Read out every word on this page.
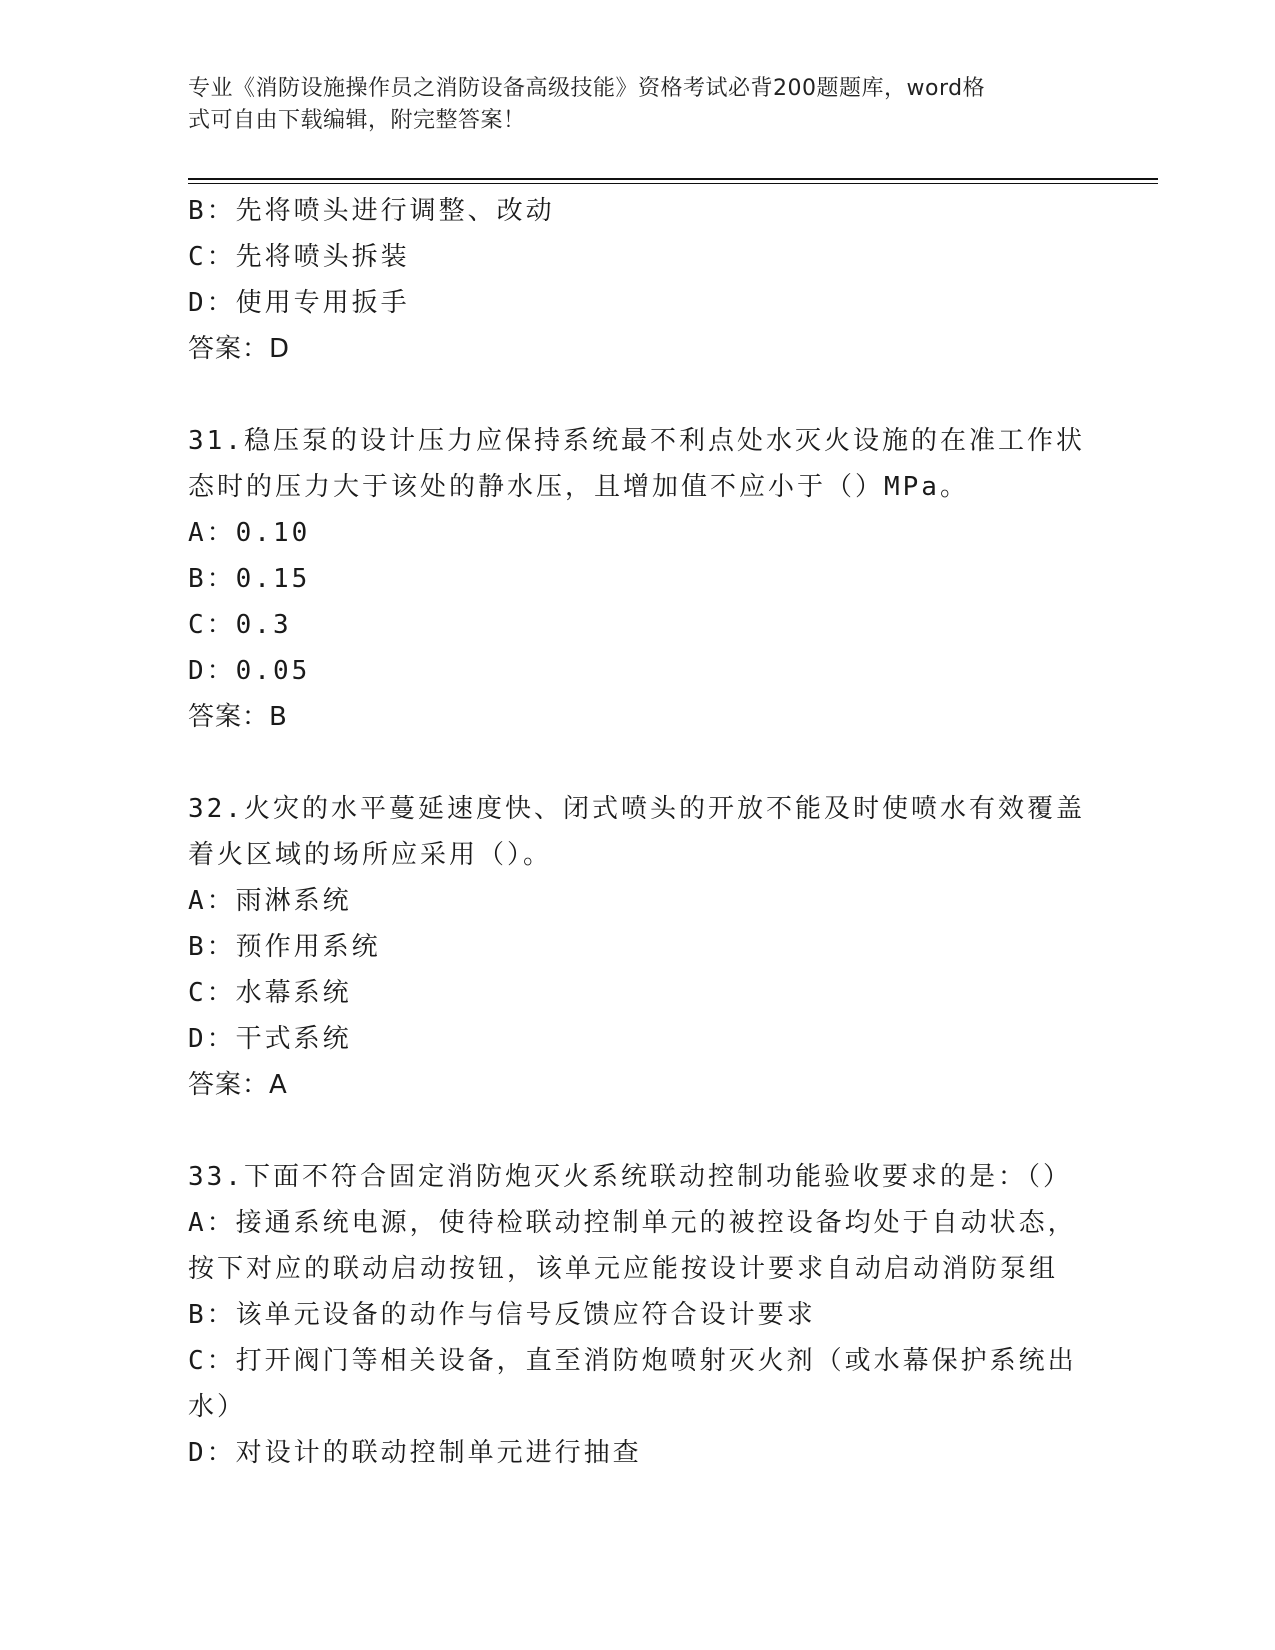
专业《消防设施操作员之消防设备高级技能》资格考试必背200题题库，word格
式可自由下载编辑，附完整答案！
B：先将喷头进行调整、改动
C：先将喷头拆装
D：使用专用扳手
答案：D
31.稳压泵的设计压力应保持系统最不利点处水灭火设施的在准工作状
态时的压力大于该处的静水压，且增加值不应小于（）MPa。
A：0.10
B：0.15
C：0.3
D：0.05
答案：B
32.火灾的水平蔓延速度快、闭式喷头的开放不能及时使喷水有效覆盖
着火区域的场所应采用（）。
A：雨淋系统
B：预作用系统
C：水幕系统
D：干式系统
答案：A
33.下面不符合固定消防炮灭火系统联动控制功能验收要求的是：（）
A：接通系统电源，使待检联动控制单元的被控设备均处于自动状态，
按下对应的联动启动按钮，该单元应能按设计要求自动启动消防泵组
B：该单元设备的动作与信号反馈应符合设计要求
C：打开阀门等相关设备，直至消防炮喷射灭火剂（或水幕保护系统出
水）
D：对设计的联动控制单元进行抽查
